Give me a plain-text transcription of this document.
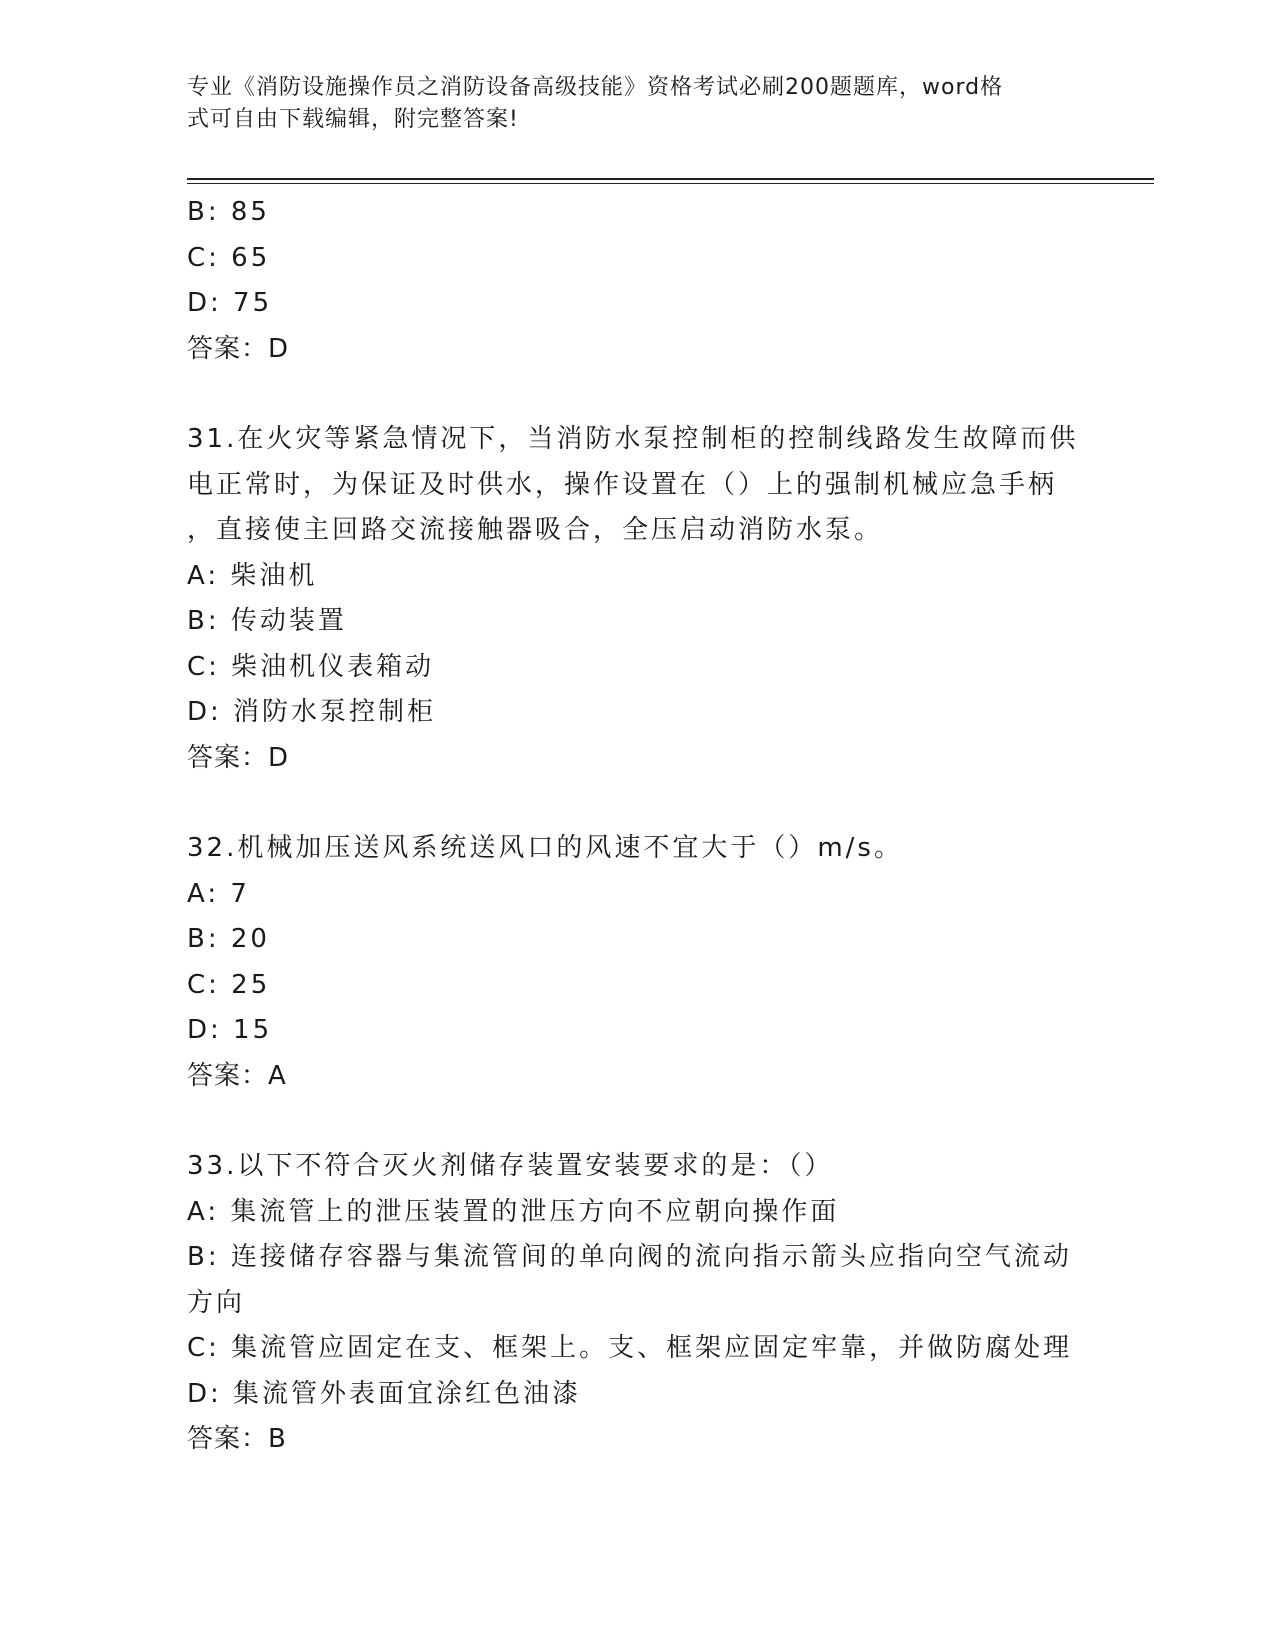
专业《消防设施操作员之消防设备高级技能》资格考试必刷200题题库，word格
式可自由下载编辑，附完整答案!
B: 85
C: 65
D: 75
答案：D
31.在火灾等紧急情况下，当消防水泵控制柜的控制线路发生故障而供
电正常时，为保证及时供水，操作设置在（）上的强制机械应急手柄
，直接使主回路交流接触器吸合，全压启动消防水泵。
A: 柴油机
B: 传动装置
C: 柴油机仪表箱动
D: 消防水泵控制柜
答案：D
32.机械加压送风系统送风口的风速不宜大于（）m/s。
A: 7
B: 20
C: 25
D: 15
答案：A
33.以下不符合灭火剂储存装置安装要求的是：（）
A: 集流管上的泄压装置的泄压方向不应朝向操作面
B: 连接储存容器与集流管间的单向阀的流向指示箭头应指向空气流动
方向
C: 集流管应固定在支、框架上。支、框架应固定牢靠，并做防腐处理
D: 集流管外表面宜涂红色油漆
答案：B
